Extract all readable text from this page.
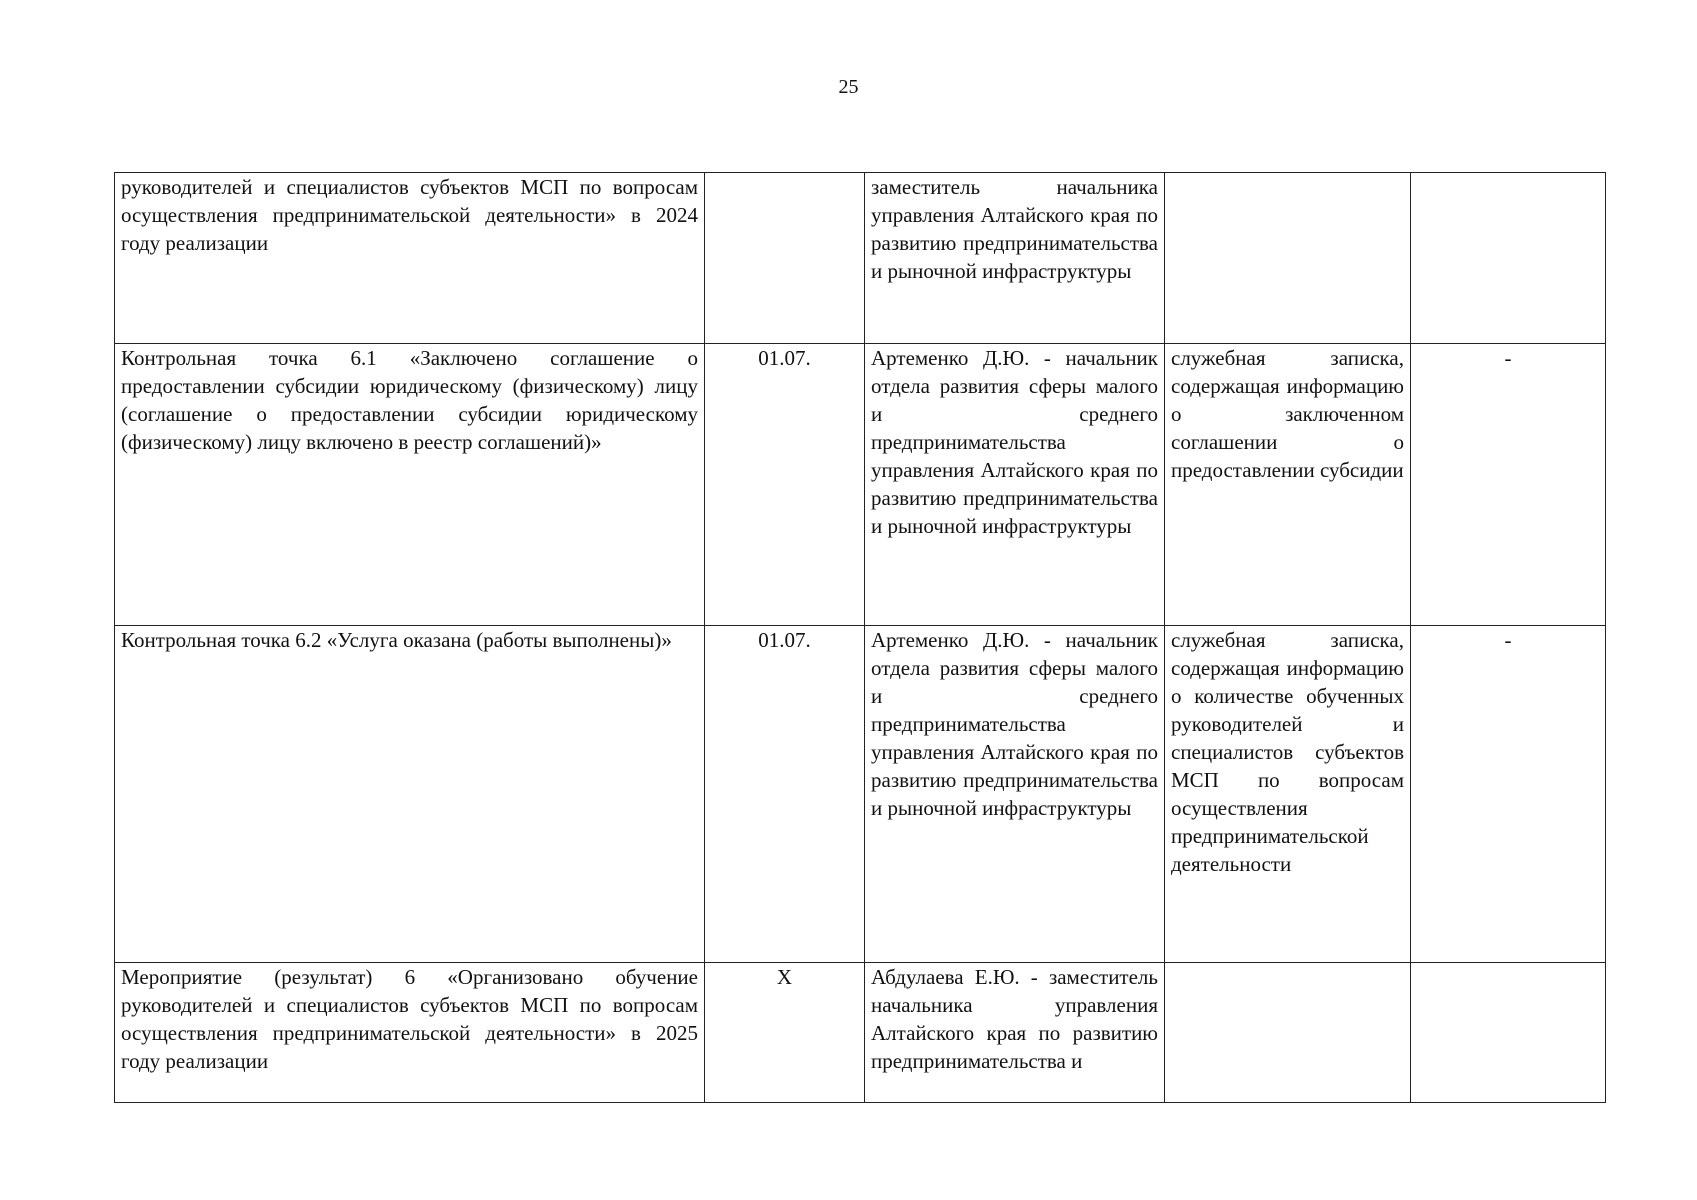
25
руководителей и специалистов субъектов МСП по вопросам осуществления предпринимательской деятельности» в 2024 году реализации		заместитель начальника управления Алтайского края по развитию предпринимательства и рыночной инфраструктуры		
Контрольная точка 6.1 «Заключено соглашение о предоставлении субсидии юридическому (физическому) лицу (соглашение о предоставлении субсидии юридическому (физическому) лицу включено в реестр соглашений)»	01.07.	Артеменко Д.Ю. - начальник отдела развития сферы малого и среднего предпринимательства управления Алтайского края по развитию предпринимательства и рыночной инфраструктуры	служебная записка, содержащая информацию о заключенном соглашении о предоставлении субсидии	-
Контрольная точка 6.2 «Услуга оказана (работы выполнены)»	01.07.	Артеменко Д.Ю. - начальник отдела развития сферы малого и среднего предпринимательства управления Алтайского края по развитию предпринимательства и рыночной инфраструктуры	служебная записка, содержащая информацию о количестве обученных руководителей и специалистов субъектов МСП по вопросам осуществления предпринимательской деятельности	-
Мероприятие (результат) 6 «Организовано обучение руководителей и специалистов субъектов МСП по вопросам осуществления предпринимательской деятельности» в 2025 году реализации	X	Абдулаева Е.Ю. - заместитель начальника управления Алтайского края по развитию предпринимательства и		
